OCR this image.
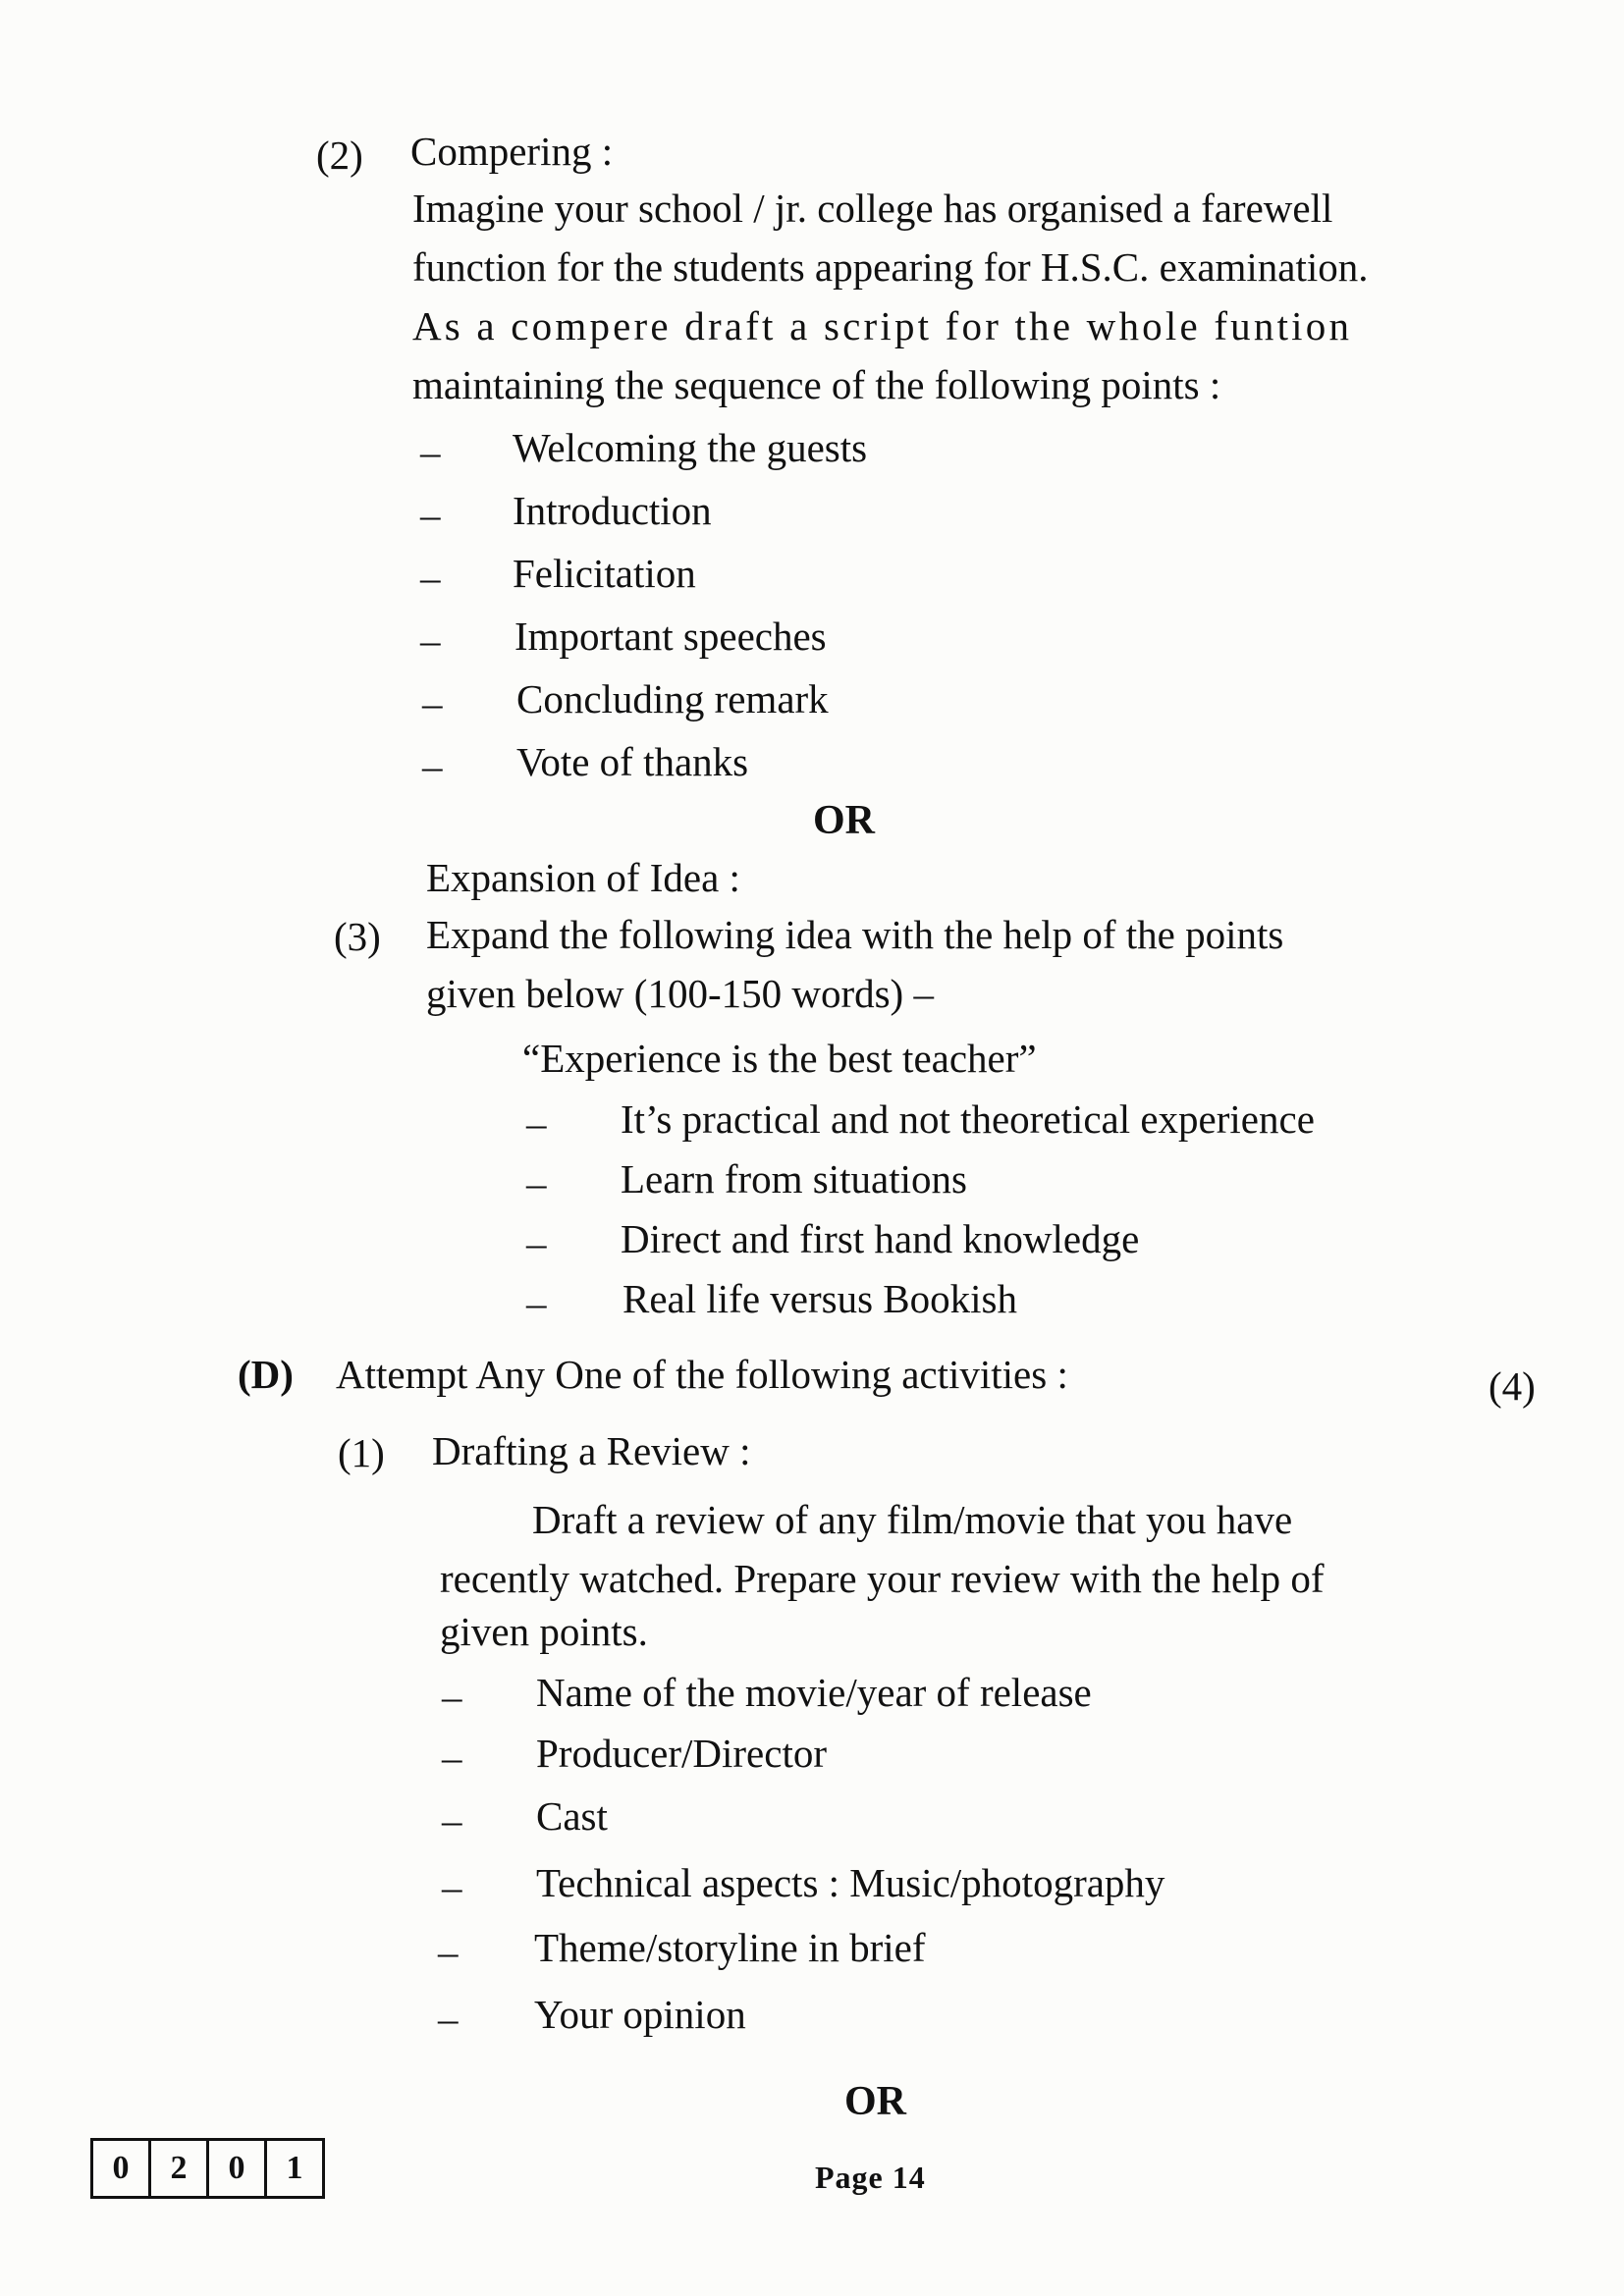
(2) Compering :
Imagine your school / jr. college has organised a farewell
function for the students appearing for H.S.C. examination.
As a compere draft a script for the whole funtion
maintaining the sequence of the following points :
– Welcoming the guests
– Introduction
– Felicitation
– Important speeches
– Concluding remark
– Vote of thanks
OR
Expansion of Idea :
(3) Expand the following idea with the help of the points
given below (100-150 words) –
“Experience is the best teacher”
– It’s practical and not theoretical experience
– Learn from situations
– Direct and first hand knowledge
– Real life versus Bookish
(D) Attempt Any One of the following activities :	(4)
(1) Drafting a Review :
Draft a review of any film/movie that you have
recently watched. Prepare your review with the help of
given points.
– Name of the movie/year of release
– Producer/Director
– Cast
– Technical aspects : Music/photography
– Theme/storyline in brief
– Your opinion
OR
0	2	0	1	Page 14
